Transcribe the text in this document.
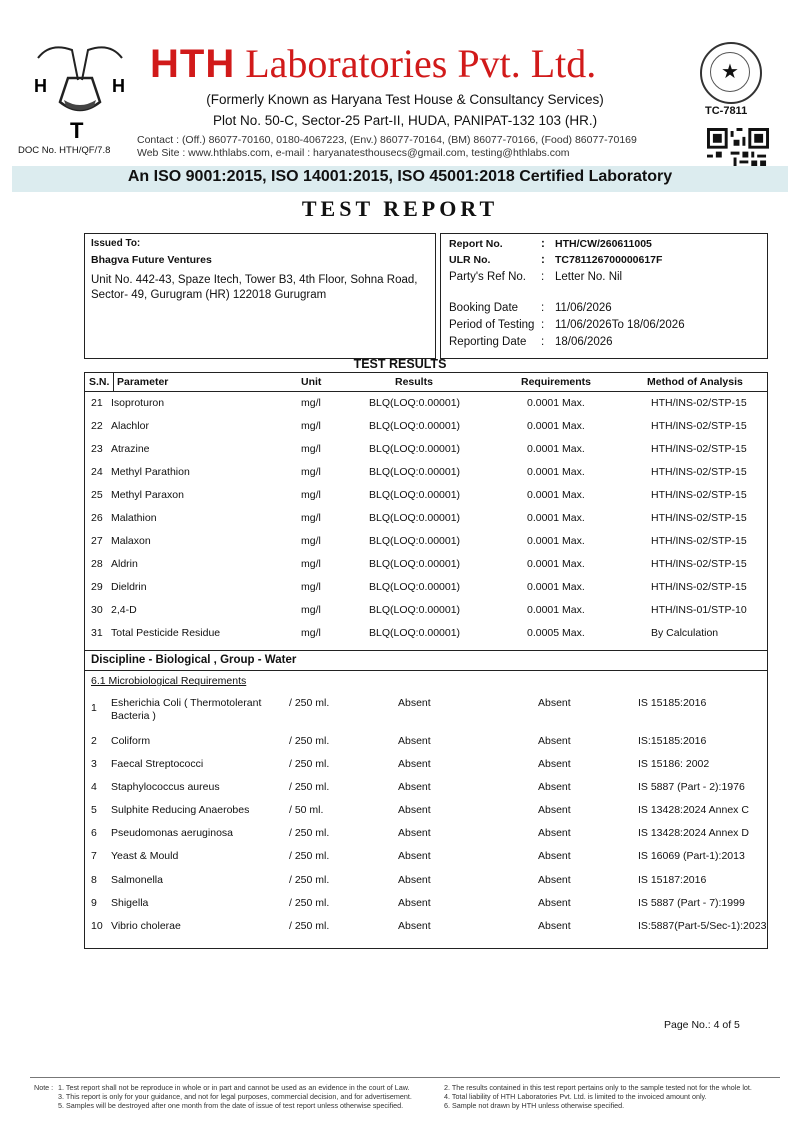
H	H
T
DOC No. HTH/QF/7.8
HTH Laboratories Pvt. Ltd.
(Formerly Known as Haryana Test House & Consultancy Services)
Plot No. 50-C, Sector-25 Part-II, HUDA, PANIPAT-132 103 (HR.)
Contact : (Off.) 86077-70160, 0180-4067223, (Env.) 86077-70164, (BM) 86077-70166, (Food) 86077-70169
Web Site : www.hthlabs.com, e-mail : haryanatesthousecs@gmail.com, testing@hthlabs.com
★
TC-7811
An ISO 9001:2015, ISO 14001:2015, ISO 45001:2018 Certified Laboratory
TEST REPORT
Issued To:
Bhagva Future Ventures
Unit No. 442-43, Spaze Itech, Tower B3, 4th Floor, Sohna Road,
Sector- 49, Gurugram (HR) 122018 Gurugram
Report No.	: HTH/CW/260611005
ULR No.	: TC781126700000617F
Party's Ref No. : Letter No. Nil
Booking Date : 11/06/2026
Period of Testing : 11/06/2026To 18/06/2026
Reporting Date : 18/06/2026
TEST RESULTS
S.N. Parameter	Unit	Results	Requirements	Method of Analysis
21 Isoproturon	mg/l	BLQ(LOQ:0.00001)	0.0001 Max.	HTH/INS-02/STP-15
22 Alachlor	mg/l	BLQ(LOQ:0.00001)	0.0001 Max.	HTH/INS-02/STP-15
23 Atrazine	mg/l	BLQ(LOQ:0.00001)	0.0001 Max.	HTH/INS-02/STP-15
24 Methyl Parathion	mg/l	BLQ(LOQ:0.00001)	0.0001 Max.	HTH/INS-02/STP-15
25 Methyl Paraxon	mg/l	BLQ(LOQ:0.00001)	0.0001 Max.	HTH/INS-02/STP-15
26 Malathion	mg/l	BLQ(LOQ:0.00001)	0.0001 Max.	HTH/INS-02/STP-15
27 Malaxon	mg/l	BLQ(LOQ:0.00001)	0.0001 Max.	HTH/INS-02/STP-15
28 Aldrin	mg/l	BLQ(LOQ:0.00001)	0.0001 Max.	HTH/INS-02/STP-15
29 Dieldrin	mg/l	BLQ(LOQ:0.00001)	0.0001 Max.	HTH/INS-02/STP-15
30 2,4-D	mg/l	BLQ(LOQ:0.00001)	0.0001 Max.	HTH/INS-01/STP-10
31 Total Pesticide Residue	mg/l	BLQ(LOQ:0.00001)	0.0005 Max.	By Calculation
Discipline - Biological , Group - Water
6.1 Microbiological Requirements
1 Esherichia Coli ( Thermotolerant	/ 250 ml.	Absent	Absent	IS 15185:2016
Bacteria )
2 Coliform	/ 250 ml.	Absent	Absent	IS:15185:2016
3 Faecal Streptococci	/ 250 ml.	Absent	Absent	IS 15186: 2002
4 Staphylococcus aureus	/ 250 ml.	Absent	Absent	IS 5887 (Part - 2):1976
5 Sulphite Reducing Anaerobes	/ 50 ml.	Absent	Absent	IS 13428:2024 Annex C
6 Pseudomonas aeruginosa	/ 250 ml.	Absent	Absent	IS 13428:2024 Annex D
7 Yeast & Mould	/ 250 ml.	Absent	Absent	IS 16069 (Part-1):2013
8 Salmonella	/ 250 ml.	Absent	Absent	IS 15187:2016
9 Shigella	/ 250 ml.	Absent	Absent	IS 5887 (Part - 7):1999
10 Vibrio cholerae	/ 250 ml.	Absent	Absent	IS:5887(Part-5/Sec-1):2023
Page No.: 4 of 5
Note : 1. Test report shall not be reproduce in whole or in part and cannot be used as an evidence in the court of Law.
3. This report is only for your guidance, and not for legal purposes, commercial decision, and for advertisement.
5. Samples will be destroyed after one month from the date of issue of test report unless otherwise specified.
2. The results contained in this test report pertains only to the sample tested not for the whole lot.
4. Total liability of HTH Laboratories Pvt. Ltd. is limited to the invoiced amount only.
6. Sample not drawn by HTH unless otherwise specified.
